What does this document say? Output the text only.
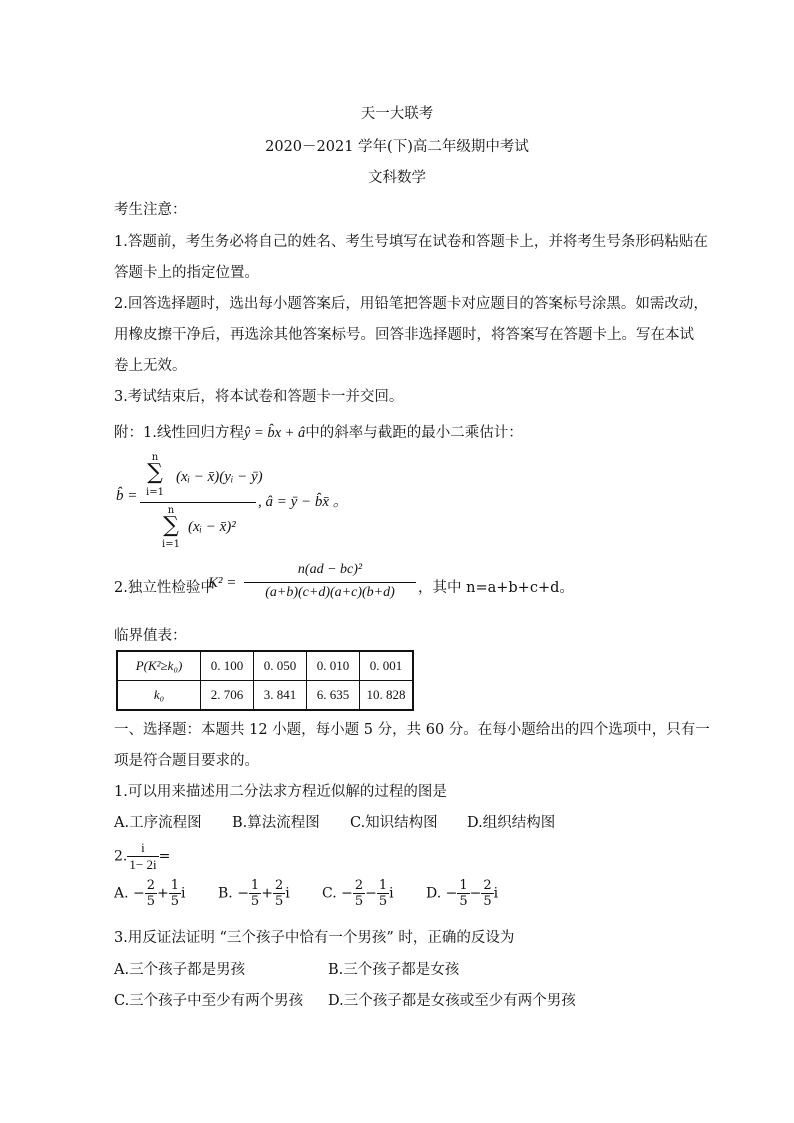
天一大联考
2020－2021 学年(下)高二年级期中考试
文科数学
考生注意：
1.答题前，考生务必将自己的姓名、考生号填写在试卷和答题卡上，并将考生号条形码粘贴在
答题卡上的指定位置。
2.回答选择题时，选出每小题答案后，用铅笔把答题卡对应题目的答案标号涂黑。如需改动，
用橡皮擦干净后，再选涂其他答案标号。回答非选择题时，将答案写在答题卡上。写在本试
卷上无效。
3.考试结束后，将本试卷和答题卡一并交回。
附：1.线性回归方程ŷ = b̂x + â中的斜率与截距的最小二乘估计：
b̂ =
n
∑
i=1
(xᵢ − x̄)(yᵢ − ȳ)
n
∑
i=1
(xᵢ − x̄)²
, â = ȳ − b̂x̄ 。
2.独立性检验中
$K^2 = \frac{\text{n(ad − bc)²}}{(a+b)(c+d)(a+c)(b+d)}$ ，其中 n=a+b+c+d。
临界值表：
P(K²≥k₀)	0. 100	0. 050	0. 010	0. 001
k₀	2. 706	3. 841	6. 635	10. 828
一、选择题：本题共 12 小题，每小题 5 分，共 60 分。在每小题给出的四个选项中，只有一
项是符合题目要求的。
1.可以用来描述用二分法求方程近似解的过程的图是
A.工序流程图 B.算法流程图 C.知识结构图 D.组织结构图
2. $\frac{i}{1- 2i}$ =
A. − $\frac{2}{5} + \frac{1}{5}$ i B. − $\frac{1}{5} + \frac{2}{5}$ i C. − $\frac{2}{5} - \frac{1}{5}$ i D. − $\frac{1}{5} - \frac{2}{5}$ i
3.用反证法证明 “三个孩子中恰有一个男孩” 时，正确的反设为
A.三个孩子都是男孩	B.三个孩子都是女孩
C.三个孩子中至少有两个男孩 D.三个孩子都是女孩或至少有两个男孩
